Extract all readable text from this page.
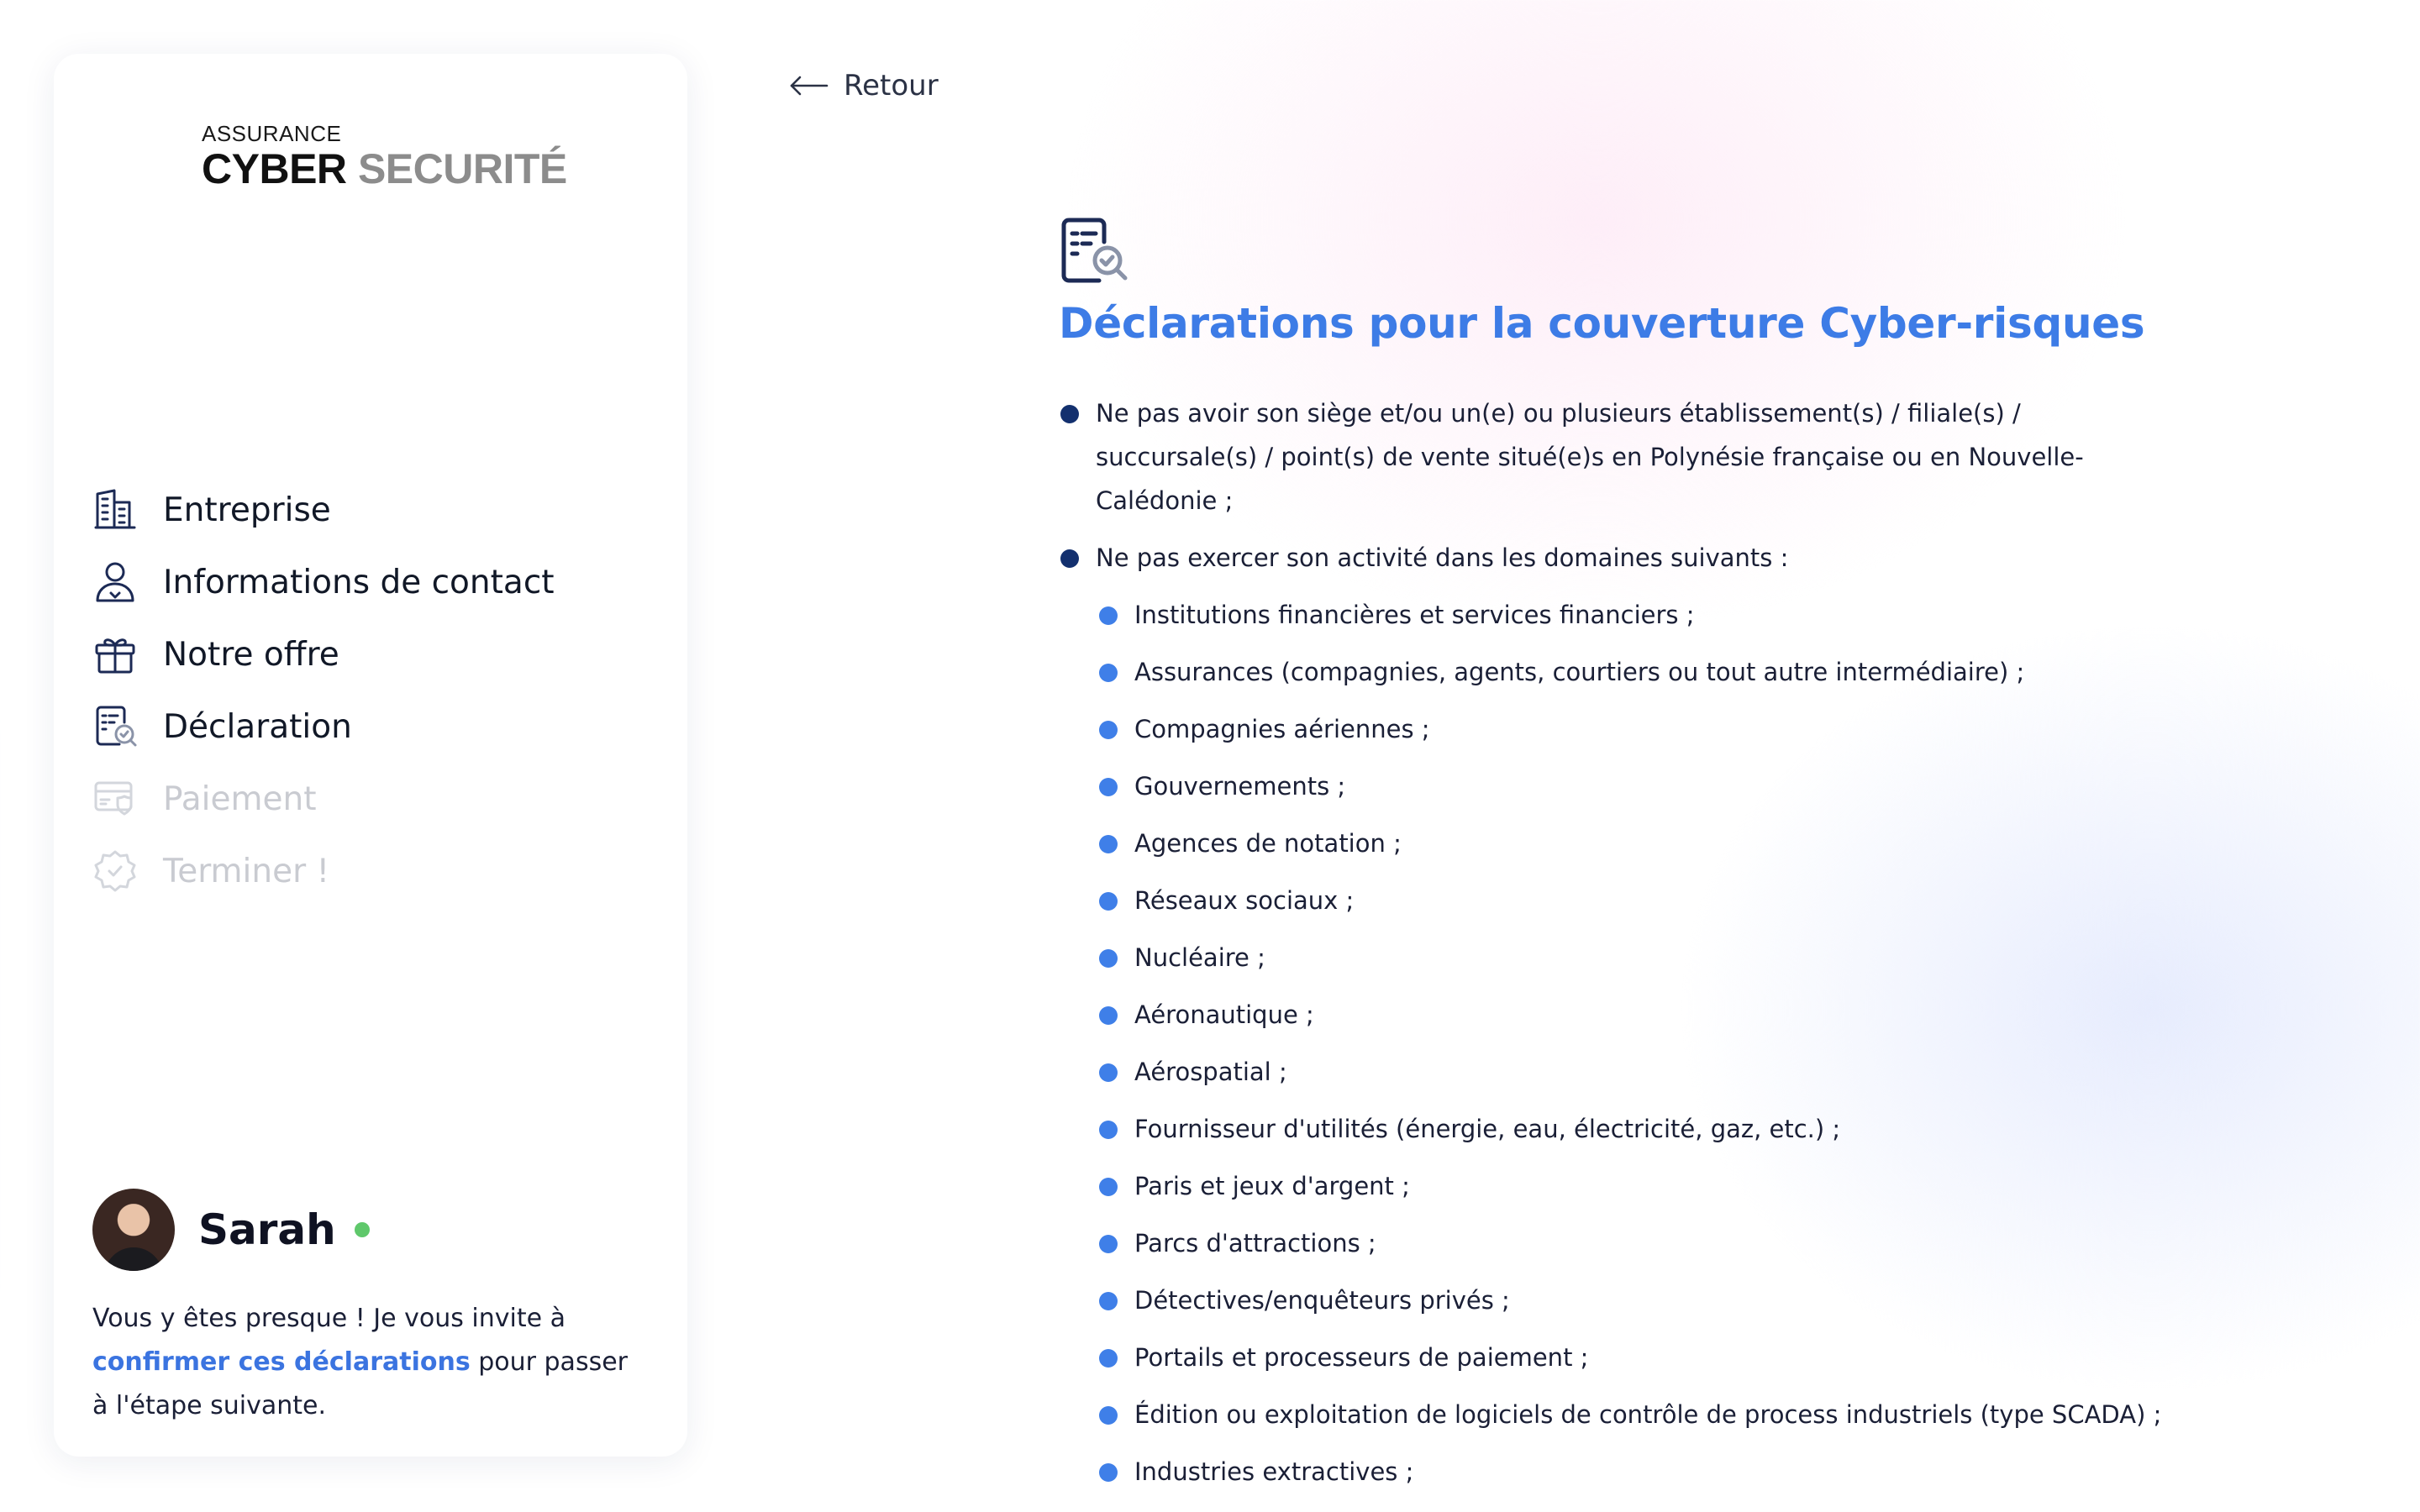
ASSURANCE
CYBER SECURITÉ
Entreprise
Informations de contact
Notre offre
Déclaration
Paiement
Terminer !
Sarah

Vous y êtes presque ! Je vous invite à confirmer ces déclarations pour passer à l'étape suivante.

Retour
Déclarations pour la couverture Cyber-risques
Ne pas avoir son siège et/ou un(e) ou plusieurs établissement(s) / filiale(s) / succursale(s) / point(s) de vente situé(e)s en Polynésie française ou en Nouvelle-Calédonie ;
Ne pas exercer son activité dans les domaines suivants :
Institutions financières et services financiers ;
Assurances (compagnies, agents, courtiers ou tout autre intermédiaire) ;
Compagnies aériennes ;
Gouvernements ;
Agences de notation ;
Réseaux sociaux ;
Nucléaire ;
Aéronautique ;
Aérospatial ;
Fournisseur d'utilités (énergie, eau, électricité, gaz, etc.) ;
Paris et jeux d'argent ;
Parcs d'attractions ;
Détectives/enquêteurs privés ;
Portails et processeurs de paiement ;
Édition ou exploitation de logiciels de contrôle de process industriels (type SCADA) ;
Industries extractives ;
